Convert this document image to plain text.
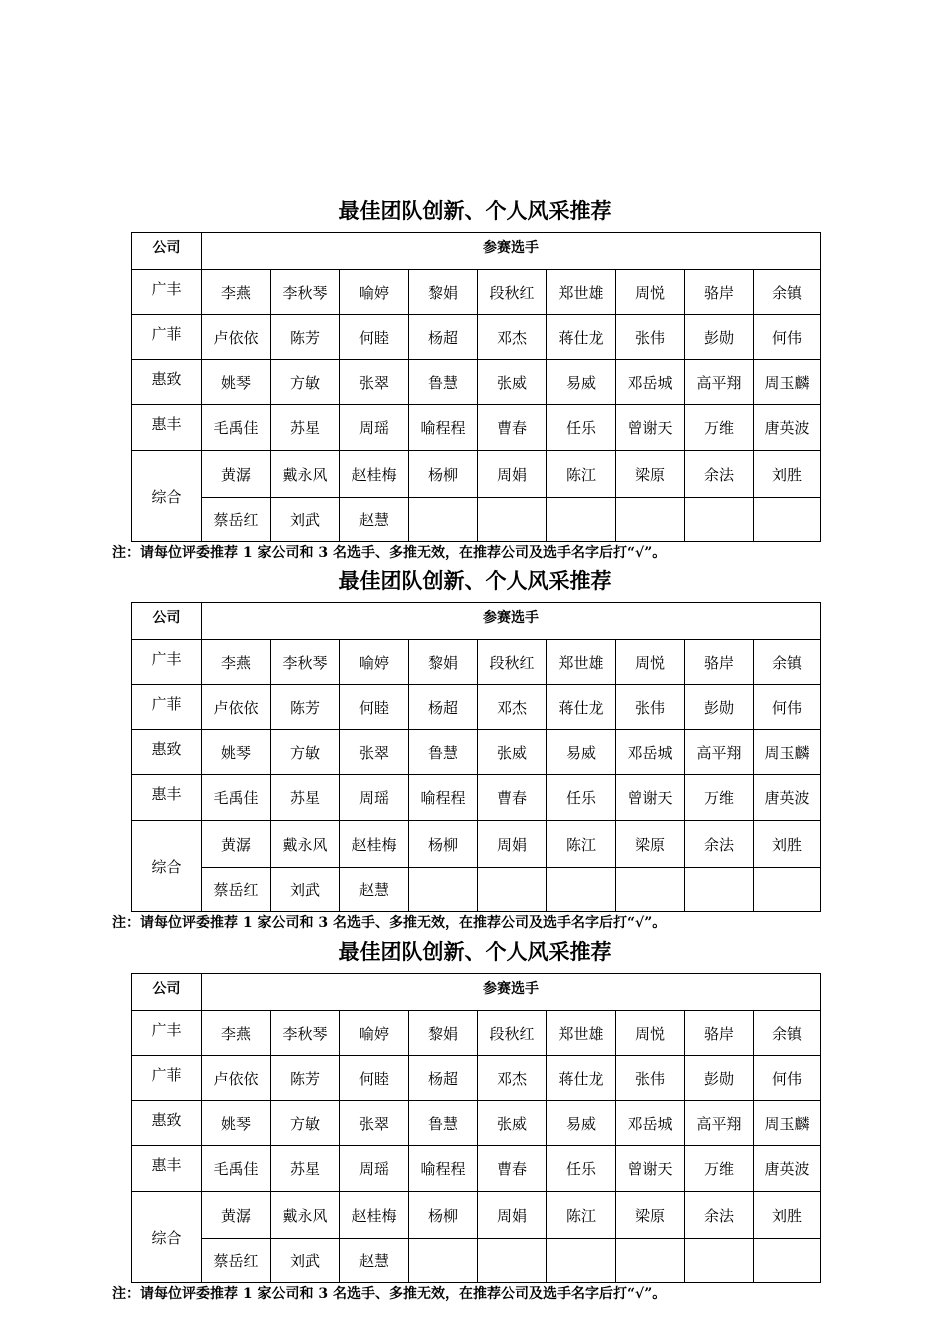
最佳团队创新、个人风采推荐
公司	参赛选手								
广丰	李燕	李秋琴	喻婷	黎娟	段秋红	郑世雄	周悦	骆岸	余镇
广菲	卢依依	陈芳	何睦	杨超	邓杰	蒋仕龙	张伟	彭勋	何伟
惠致	姚琴	方敏	张翠	鲁慧	张威	易威	邓岳城	高平翔	周玉麟
惠丰	毛禹佳	苏星	周瑶	喻程程	曹春	任乐	曾谢天	万维	唐英波
综合	黄潺	戴永风	赵桂梅	杨柳	周娟	陈江	梁原	余法	刘胜
	蔡岳红	刘武	赵慧						
注：请每位评委推荐 1 家公司和 3 名选手、多推无效，在推荐公司及选手名字后打“√”。
最佳团队创新、个人风采推荐
公司	参赛选手								
广丰	李燕	李秋琴	喻婷	黎娟	段秋红	郑世雄	周悦	骆岸	余镇
广菲	卢依依	陈芳	何睦	杨超	邓杰	蒋仕龙	张伟	彭勋	何伟
惠致	姚琴	方敏	张翠	鲁慧	张威	易威	邓岳城	高平翔	周玉麟
惠丰	毛禹佳	苏星	周瑶	喻程程	曹春	任乐	曾谢天	万维	唐英波
综合	黄潺	戴永风	赵桂梅	杨柳	周娟	陈江	梁原	余法	刘胜
	蔡岳红	刘武	赵慧						
注：请每位评委推荐 1 家公司和 3 名选手、多推无效，在推荐公司及选手名字后打“√”。
最佳团队创新、个人风采推荐
公司	参赛选手								
广丰	李燕	李秋琴	喻婷	黎娟	段秋红	郑世雄	周悦	骆岸	余镇
广菲	卢依依	陈芳	何睦	杨超	邓杰	蒋仕龙	张伟	彭勋	何伟
惠致	姚琴	方敏	张翠	鲁慧	张威	易威	邓岳城	高平翔	周玉麟
惠丰	毛禹佳	苏星	周瑶	喻程程	曹春	任乐	曾谢天	万维	唐英波
综合	黄潺	戴永风	赵桂梅	杨柳	周娟	陈江	梁原	余法	刘胜
	蔡岳红	刘武	赵慧						
注：请每位评委推荐 1 家公司和 3 名选手、多推无效，在推荐公司及选手名字后打“√”。
